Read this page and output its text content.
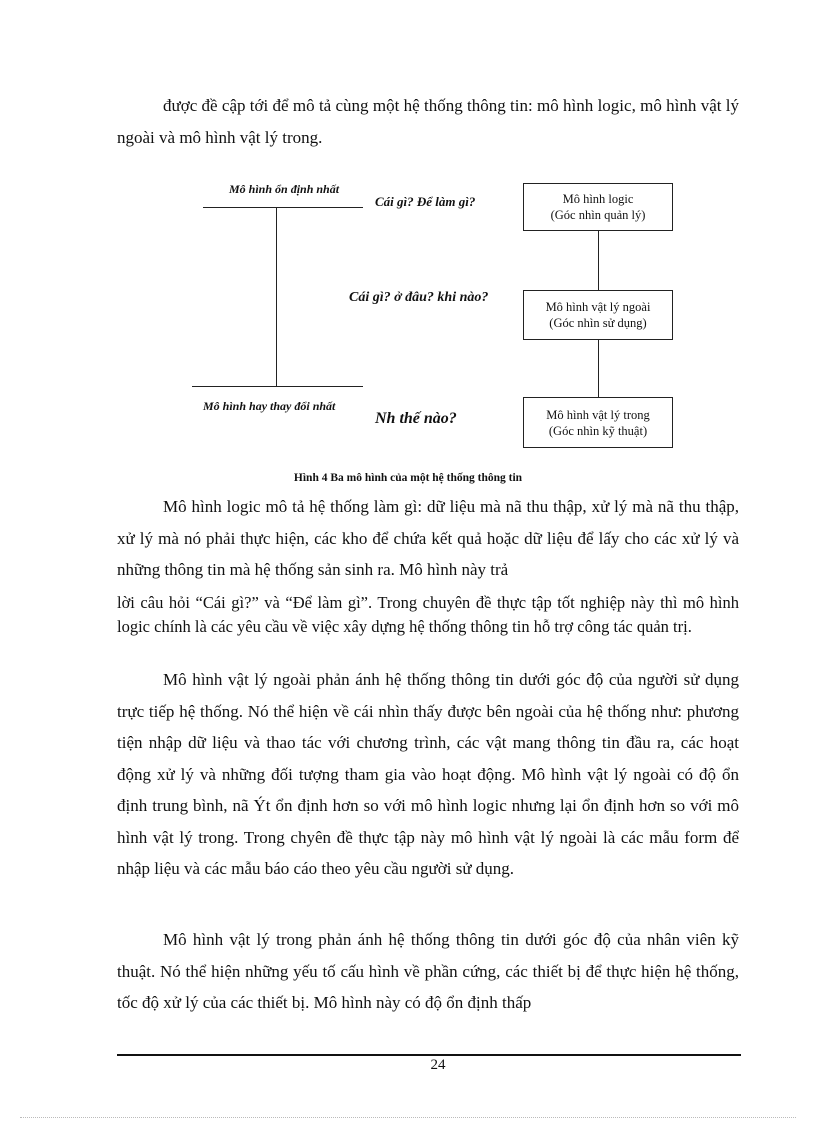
được đề cập tới để mô tả cùng một hệ thống thông tin: mô hình logic, mô hình vật lý ngoài và mô hình vật lý trong.

Mô hình ổn định nhất
Mô hình hay thay đổi nhất
Cái gì? Để làm gì?
Cái gì? ở đâu? khi nào?
Nh thế nào?
Mô hình logic
(Góc nhìn quản lý)
Mô hình vật lý ngoài
(Góc nhìn sử dụng)
Mô hình vật lý trong
(Góc nhìn kỹ thuật)
Hình 4 Ba mô hình của một hệ thống thông tin

Mô hình logic mô tả hệ thống làm gì: dữ liệu mà nã thu thập, xử lý mà nã thu thập, xử lý mà nó phải thực hiện, các kho để chứa kết quả hoặc dữ liệu để lấy cho các xử lý và những thông tin mà hệ thống sản sinh ra. Mô hình này trả

lời câu hỏi “Cái gì?” và “Để làm gì”. Trong chuyên đề thực tập tốt nghiệp này thì mô hình logic chính là các yêu cầu về việc xây dựng hệ thống thông tin hỗ trợ công tác quản trị.

Mô hình vật lý ngoài phản ánh hệ thống thông tin dưới góc độ của người sử dụng trực tiếp hệ thống. Nó thể hiện về cái nhìn thấy được bên ngoài của hệ thống như: phương tiện nhập dữ liệu và thao tác với chương trình, các vật mang thông tin đầu ra, các hoạt động xử lý và những đối tượng tham gia vào hoạt động. Mô hình vật lý ngoài có độ ổn định trung bình, nã Ýt ổn định hơn so với mô hình logic nhưng lại ổn định hơn so với mô hình vật lý trong. Trong chyên đề thực tập này mô hình vật lý ngoài là các mẫu form để nhập liệu và các mẫu báo cáo theo yêu cầu người sử dụng.

Mô hình vật lý trong phản ánh hệ thống thông tin dưới góc độ của nhân viên kỹ thuật. Nó thể hiện những yếu tố cấu hình về phần cứng, các thiết bị để thực hiện hệ thống, tốc độ xử lý của các thiết bị. Mô hình này có độ ổn định thấp

24
